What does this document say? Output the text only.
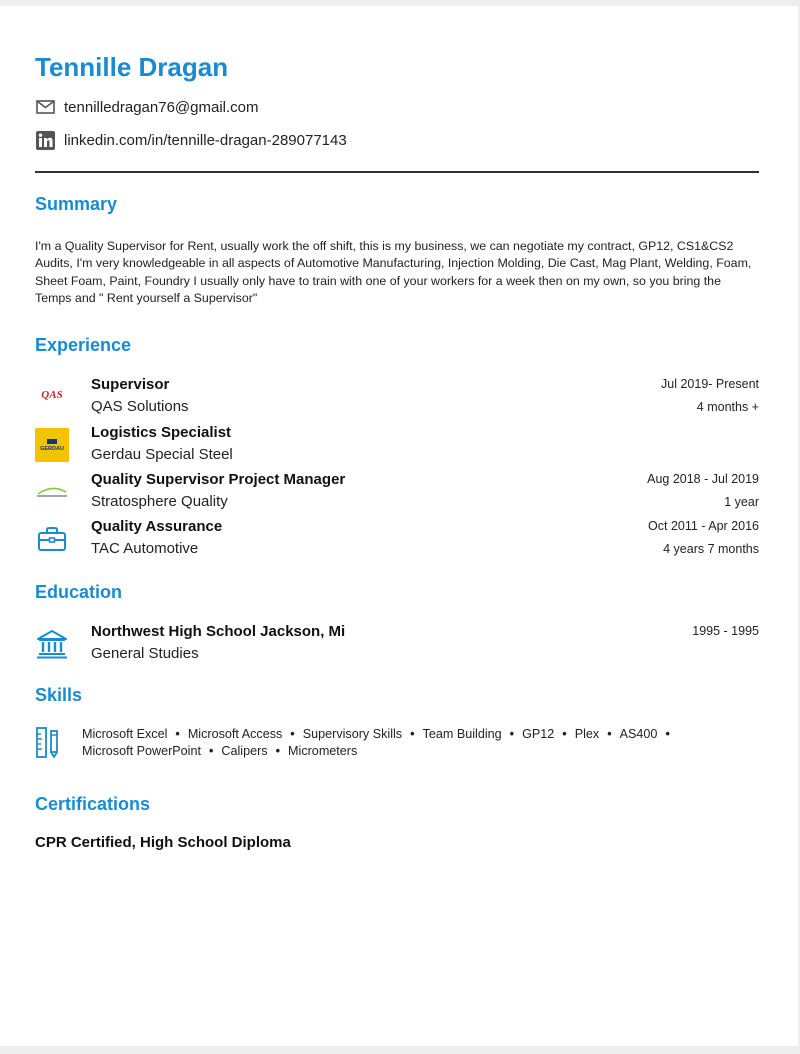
Tennille Dragan
tennilledragan76@gmail.com
linkedin.com/in/tennille-dragan-289077143
Summary
I'm a Quality Supervisor for Rent, usually work the off shift, this is my business, we can negotiate my contract, GP12, CS1&CS2 Audits, I'm very knowledgeable in all aspects of Automotive Manufacturing, Injection Molding, Die Cast, Mag Plant, Welding, Foam, Sheet Foam, Paint, Foundry I usually only have to train with one of your workers for a week then on my own, so you bring the Temps and " Rent yourself a Supervisor"
Experience
QAS

Supervisor
QAS Solutions
Jul 2019- Present
4 months +
GERDAU
Logistics Specialist
Gerdau Special Steel
Quality Supervisor Project Manager
Stratosphere Quality
Aug 2018 - Jul 2019
1 year
Quality Assurance
TAC Automotive
Oct 2011 - Apr 2016
4 years 7 months
Education
Northwest High School Jackson, Mi
General Studies
1995 - 1995
Skills
Microsoft Excel • Microsoft Access • Supervisory Skills • Team Building • GP12 • Plex • AS400 •
Microsoft PowerPoint • Calipers • Micrometers
Certifications
CPR Certified, High School Diploma
